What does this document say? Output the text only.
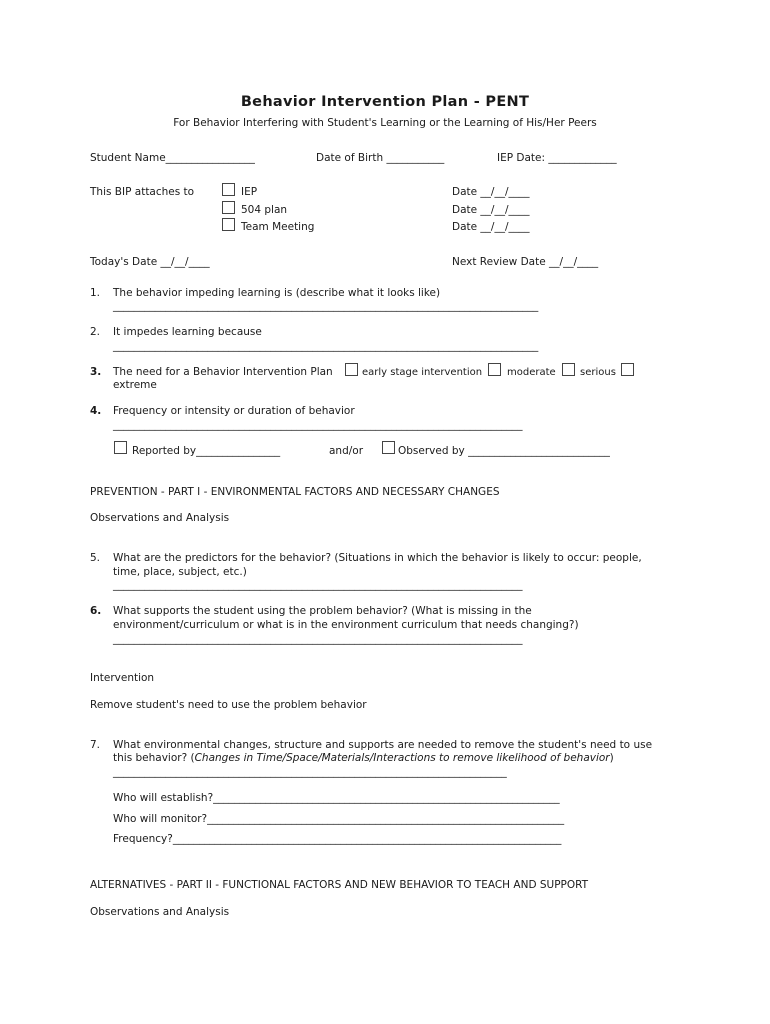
Behavior Intervention Plan - PENT
For Behavior Interfering with Student's Learning or the Learning of His/Her Peers
Student Name_________________	Date of Birth ___________	IEP Date: _____________
This BIP attaches to	IEP	Date __/__/____
504 plan	Date __/__/____
Team Meeting	Date __/__/____
Today's Date __/__/____	Next Review Date __/__/____
1. The behavior impeding learning is (describe what it looks like)
_________________________________________________________________________________
2. It impedes learning because
_________________________________________________________________________________
3. The need for a Behavior Intervention Plan	early stage intervention moderate serious
extreme
4. Frequency or intensity or duration of behavior
______________________________________________________________________________
Reported by________________	and/or	Observed by ___________________________
PREVENTION - PART I - ENVIRONMENTAL FACTORS AND NECESSARY CHANGES
Observations and Analysis
5. What are the predictors for the behavior? (Situations in which the behavior is likely to occur: people,
time, place, subject, etc.)
______________________________________________________________________________
6. What supports the student using the problem behavior? (What is missing in the
environment/curriculum or what is in the environment curriculum that needs changing?)
______________________________________________________________________________
Intervention
Remove student's need to use the problem behavior
7. What environmental changes, structure and supports are needed to remove the student's need to use
this behavior? (Changes in Time/Space/Materials/Interactions to remove likelihood of behavior)
___________________________________________________________________________
Who will establish?__________________________________________________________________
Who will monitor?____________________________________________________________________
Frequency?__________________________________________________________________________
ALTERNATIVES - PART II - FUNCTIONAL FACTORS AND NEW BEHAVIOR TO TEACH AND SUPPORT
Observations and Analysis
